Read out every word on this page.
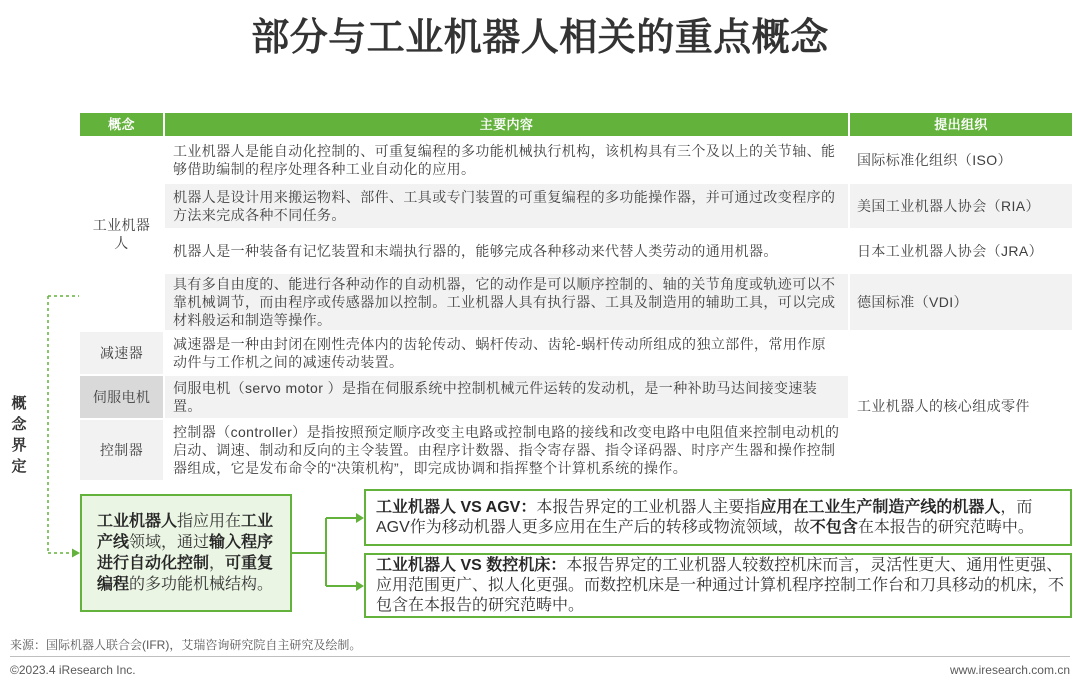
部分与工业机器人相关的重点概念
概念界定
概念	主要内容	提出组织
工业机器人	工业机器人是能自动化控制的、可重复编程的多功能机械执行机构，该机构具有三个及以上的关节轴、能够借助编制的程序处理各种工业自动化的应用。	国际标准化组织（ISO）
	机器人是设计用来搬运物料、部件、工具或专门装置的可重复编程的多功能操作器，并可通过改变程序的方法来完成各种不同任务。	美国工业机器人协会（RIA）
	机器人是一种装备有记忆装置和末端执行器的，能够完成各种移动来代替人类劳动的通用机器。	日本工业机器人协会（JRA）
	具有多自由度的、能进行各种动作的自动机器，它的动作是可以顺序控制的、轴的关节角度或轨迹可以不靠机械调节，而由程序或传感器加以控制。工业机器人具有执行器、工具及制造用的辅助工具，可以完成材料般运和制造等操作。	德国标准（VDI）
减速器	减速器是一种由封闭在刚性壳体内的齿轮传动、蜗杆传动、齿轮-蜗杆传动所组成的独立部件，常用作原动件与工作机之间的减速传动装置。	工业机器人的核心组成零件
伺服电机	伺服电机（servo motor ）是指在伺服系统中控制机械元件运转的发动机，是一种补助马达间接变速装置。	
控制器	控制器（controller）是指按照预定顺序改变主电路或控制电路的接线和改变电路中电阻值来控制电动机的启动、调速、制动和反向的主令装置。由程序计数器、指令寄存器、指令译码器、时序产生器和操作控制器组成，它是发布命令的“决策机构”，即完成协调和指挥整个计算机系统的操作。	
工业机器人指应用在工业产线领域，通过输入程序进行自动化控制，可重复编程的多功能机械结构。
工业机器人 VS AGV：本报告界定的工业机器人主要指应用在工业生产制造产线的机器人，而AGV作为移动机器人更多应用在生产后的转移或物流领域，故不包含在本报告的研究范畴中。
工业机器人 VS 数控机床：本报告界定的工业机器人较数控机床而言，灵活性更大、通用性更强、应用范围更广、拟人化更强。而数控机床是一种通过计算机程序控制工作台和刀具移动的机床，不包含在本报告的研究范畴中。
来源：国际机器人联合会(IFR)，艾瑞咨询研究院自主研究及绘制。
©2023.4 iResearch Inc.	www.iresearch.com.cn
